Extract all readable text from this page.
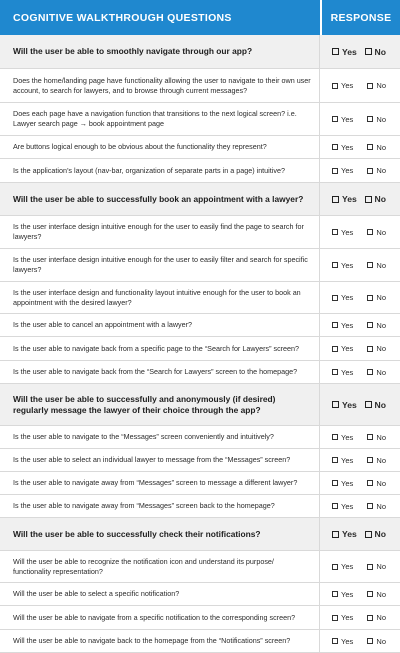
COGNITIVE WALKTHROUGH QUESTIONS	RESPONSE
Will the user be able to smoothly navigate through our app?	Yes No
Does the home/landing page have functionality allowing the user to navigate to their own user account, to search for lawyers, and to browse through current messages?	Yes	No
Does each page have a navigation function that transitions to the next logical screen? i.e. Lawyer search page → book appointment page	Yes	No
Are buttons logical enough to be obvious about the functionality they represent?	Yes	No
Is the application’s layout (nav-bar, organization of separate parts in a page) intuitive?	Yes	No
Will the user be able to successfully book an appointment with a lawyer?	Yes No
Is the user interface design intuitive enough for the user to easily find the page to search for lawyers?	Yes	No
Is the user interface design intuitive enough for the user to easily filter and search for specific lawyers?	Yes	No
Is the user interface design and functionality layout intuitive enough for the user to book an appointment with the desired lawyer?	Yes	No
Is the user able to cancel an appointment with a lawyer?	Yes	No
Is the user able to navigate back from a specific page to the “Search for Lawyers” screen?	Yes	No
Is the user able to navigate back from the “Search for Lawyers” screen to the homepage?	Yes	No
Will the user be able to successfully and anonymously (if desired) regularly message the lawyer of their choice through the app?	Yes No
Is the user able to navigate to the “Messages” screen conveniently and intuitively?	Yes	No
Is the user able to select an individual lawyer to message from the “Messages” screen?	Yes	No
Is the user able to navigate away from “Messages” screen to message a different lawyer?	Yes	No
Is the user able to navigate away from “Messages” screen back to the homepage?	Yes	No
Will the user be able to successfully check their notifications?	Yes No
Will the user be able to recognize the notification icon and understand its purpose/ functionality representation?	Yes	No
Will the user be able to select a specific notification?	Yes	No
Will the user be able to navigate from a specific notification to the corresponding screen?	Yes	No
Will the user be able to navigate back to the homepage from the “Notifications” screen?	Yes	No
